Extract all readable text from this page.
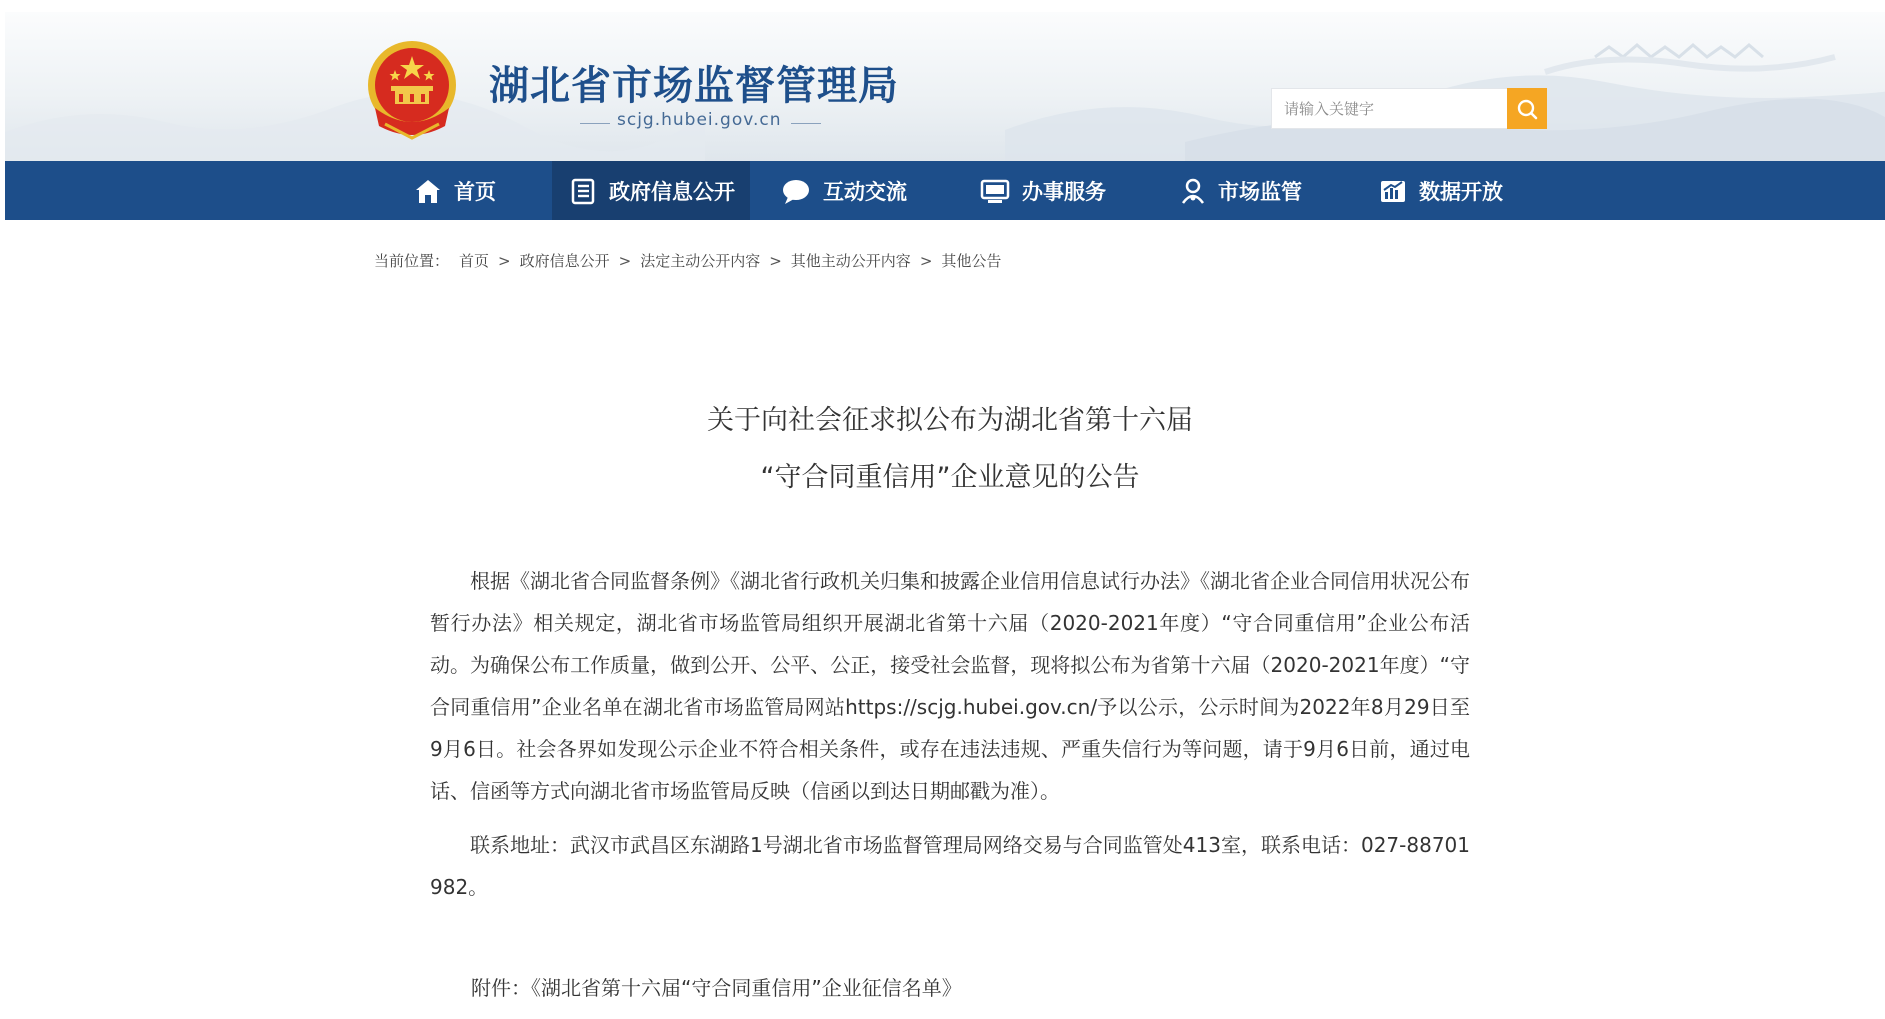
湖北省市场监督管理局
scjg.hubei.gov.cn
请输入关键字
首页	政府信息公开	互动交流	办事服务	市场监管	数据开放
当前位置： 首页 > 政府信息公开 > 法定主动公开内容 > 其他主动公开内容 > 其他公告
关于向社会征求拟公布为湖北省第十六届
“守合同重信用”企业意见的公告

根据《湖北省合同监督条例》《湖北省行政机关归集和披露企业信用信息试行办法》《湖北省企业合同信用状况公布暂行办法》相关规定，湖北省市场监管局组织开展湖北省第十六届（2020-2021年度）“守合同重信用”企业公布活动。为确保公布工作质量，做到公开、公平、公正，接受社会监督，现将拟公布为省第十六届（2020-2021年度）“守合同重信用”企业名单在湖北省市场监管局网站https://scjg.hubei.gov.cn/予以公示，公示时间为2022年8月29日至9月6日。社会各界如发现公示企业不符合相关条件，或存在违法违规、严重失信行为等问题，请于9月6日前，通过电话、信函等方式向湖北省市场监管局反映（信函以到达日期邮戳为准）。

联系地址：武汉市武昌区东湖路1号湖北省市场监督管理局网络交易与合同监管处413室，联系电话：027-88701982。

附件：《湖北省第十六届“守合同重信用”企业征信名单》
